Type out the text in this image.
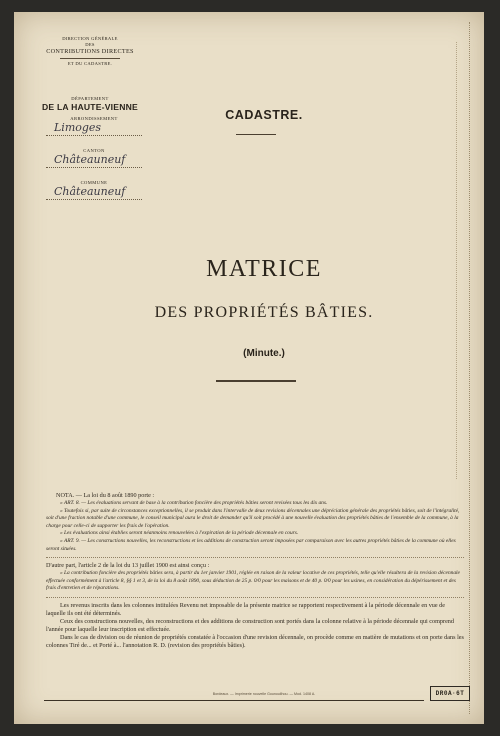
DIRECTION GÉNÉRALE
DES
CONTRIBUTIONS DIRECTES
ET DU CADASTRE.
DÉPARTEMENT
DE LA HAUTE-VIENNE
ARRONDISSEMENT
Limoges
CANTON
Châteauneuf
COMMUNE
Châteauneuf
CADASTRE.
MATRICE
DES PROPRIÉTÉS BÂTIES.
(Minute.)

NOTA. — La loi du 8 août 1890 porte :

« ART. 8. — Les évaluations servant de base à la contribution foncière des propriétés bâties seront revisées tous les dix ans.

« Toutefois si, par suite de circonstances exceptionnelles, il se produit dans l'intervalle de deux revisions décennales une dépréciation générale des propriétés bâties, soit de l'intégralité, soit d'une fraction notable d'une commune, le conseil municipal aura le droit de demander qu'il soit procédé à une nouvelle évaluation des propriétés bâties de l'ensemble de la commune, à la charge pour celle-ci de supporter les frais de l'opération.

« Les évaluations ainsi établies seront néanmoins renouvelées à l'expiration de la période décennale en cours.

« ART. 9. — Les constructions nouvelles, les reconstructions et les additions de construction seront imposées par comparaison avec les autres propriétés bâties de la commune où elles seront situées.

D'autre part, l'article 2 de la loi du 13 juillet 1900 est ainsi conçu :

« La contribution foncière des propriétés bâties sera, à partir du 1er janvier 1901, réglée en raison de la valeur locative de ces propriétés, telle qu'elle résultera de la revision décennale effectuée conformément à l'article 8, §§ 1 et 3, de la loi du 8 août 1890, sous déduction de 25 p. 0/0 pour les maisons et de 40 p. 0/0 pour les usines, en considération du dépérissement et des frais d'entretien et de réparations.

Les revenus inscrits dans les colonnes intitulées Revenu net imposable de la présente matrice se rapportent respectivement à la période décennale en vue de laquelle ils ont été déterminés.

Ceux des constructions nouvelles, des reconstructions et des additions de construction sont portés dans la colonne relative à la période décennale qui comprend l'année pour laquelle leur inscription est effectuée.

Dans le cas de division ou de réunion de propriétés constatée à l'occasion d'une revision décennale, on procède comme en matière de mutations et on porte dans les colonnes Tiré de... et Porté à... l'annotation R. D. (revision des propriétés bâties).

Bordeaux. — Imprimerie nouvelle Gounouilhou. — Mod. 1408 A.	DR0A·6T
